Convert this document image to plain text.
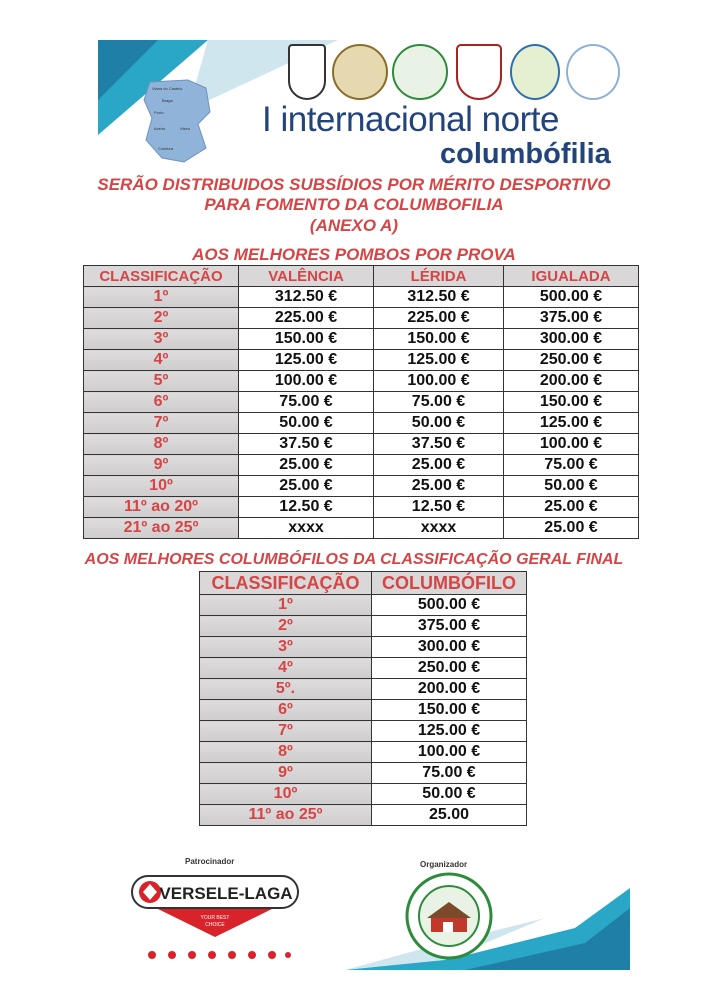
Viana do Castelo
Braga
Porto
Aveiro	Viseu
Coimbra
I internacional norte
columbófilia
SERÃO DISTRIBUIDOS SUBSÍDIOS POR MÉRITO DESPORTIVO
PARA FOMENTO DA COLUMBOFILIA
(ANEXO A)
AOS MELHORES POMBOS POR PROVA
CLASSIFICAÇÃO	VALÊNCIA	LÉRIDA	IGUALADA
1º	312.50 €	312.50 €	500.00 €
2º	225.00 €	225.00 €	375.00 €
3º	150.00 €	150.00 €	300.00 €
4º	125.00 €	125.00 €	250.00 €
5º	100.00 €	100.00 €	200.00 €
6º	75.00 €	75.00 €	150.00 €
7º	50.00 €	50.00 €	125.00 €
8º	37.50 €	37.50 €	100.00 €
9º	25.00 €	25.00 €	75.00 €
10º	25.00 €	25.00 €	50.00 €
11º ao 20º	12.50 €	12.50 €	25.00 €
21º ao 25º	xxxx	xxxx	25.00 €
AOS MELHORES COLUMBÓFILOS DA CLASSIFICAÇÃO GERAL FINAL
CLASSIFICAÇÃO	COLUMBÓFILO
1º	500.00 €
2º	375.00 €
3º	300.00 €
4º	250.00 €
5º.	200.00 €
6º	150.00 €
7º	125.00 €
8º	100.00 €
9º	75.00 €
10º	50.00 €
11º ao 25º	25.00
Patrocinador
VERSELE-LAGA
YOUR BEST
CHOICE
Organizador
